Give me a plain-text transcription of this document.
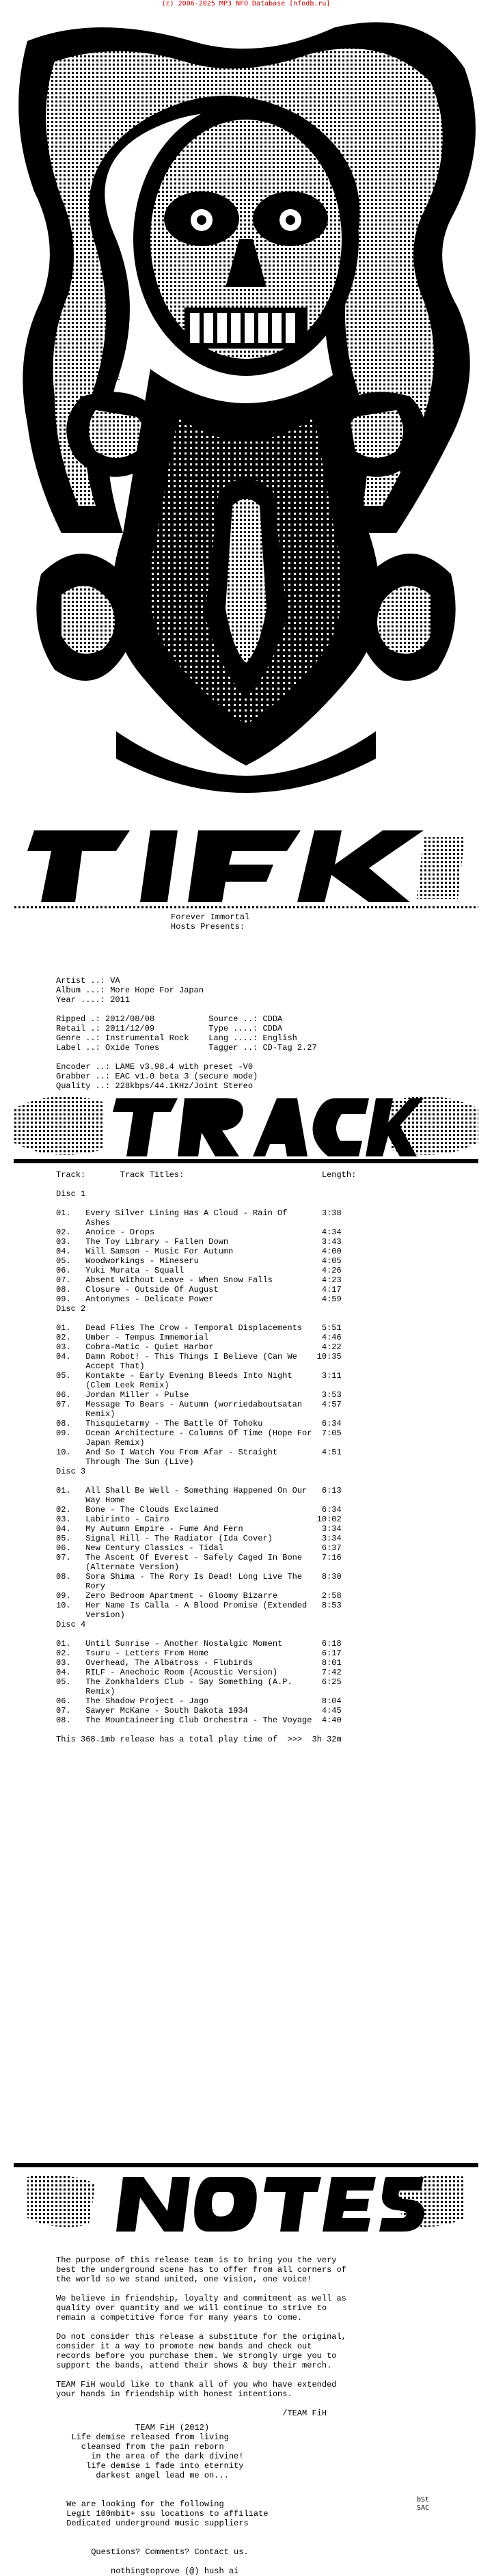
(c) 2006-2025 MP3 NFO Database [nfodb.ru]
bSt
Forever Immortal
Hosts Presents:
Artist ..: VA
Album ...: More Hope For Japan
Year ....: 2011

Ripped .: 2012/08/08           Source ..: CDDA
Retail .: 2011/12/09           Type ....: CDDA
Genre ..: Instrumental Rock    Lang ....: English
Label ..: Oxide Tones          Tagger ..: CD-Tag 2.27

Encoder ..: LAME v3.98.4 with preset -V0
Grabber ..: EAC v1.0 beta 3 (secure mode)
Quality ..: 228kbps/44.1KHz/Joint Stereo
Track:       Track Titles:                            Length:

Disc 1

01.   Every Silver Lining Has A Cloud - Rain Of       3:38
Ashes
02.   Anoice - Drops                                  4:34
03.   The Toy Library - Fallen Down                   3:43
04.   Will Samson - Music For Autumn                  4:00
05.   Woodworkings - Mineseru                         4:05
06.   Yuki Murata - Squall                            4:26
07.   Absent Without Leave - When Snow Falls          4:23
08.   Closure - Outside Of August                     4:17
09.   Antonymes - Delicate Power                      4:59
Disc 2

01.   Dead Flies The Crow - Temporal Displacements    5:51
02.   Umber - Tempus Immemorial                       4:46
03.   Cobra-Matic - Quiet Harbor                      4:22
04.   Damn Robot! - This Things I Believe (Can We    10:35
Accept That)
05.   Kontakte - Early Evening Bleeds Into Night      3:11
(Clem Leek Remix)
06.   Jordan Miller - Pulse                           3:53
07.   Message To Bears - Autumn (worriedaboutsatan    4:57
Remix)
08.   Thisquietarmy - The Battle Of Tohoku            6:34
09.   Ocean Architecture - Columns Of Time (Hope For  7:05
Japan Remix)
10.   And So I Watch You From Afar - Straight         4:51
Through The Sun (Live)
Disc 3

01.   All Shall Be Well - Something Happened On Our   6:13
Way Home
02.   Bone - The Clouds Exclaimed                     6:34
03.   Labirinto - Cairo                              10:02
04.   My Autumn Empire - Fume And Fern                3:34
05.   Signal Hill - The Radiator (Ida Cover)          3:34
06.   New Century Classics - Tidal                    6:37
07.   The Ascent Of Everest - Safely Caged In Bone    7:16
(Alternate Version)
08.   Sora Shima - The Rory Is Dead! Long Live The    8:30
Rory
09.   Zero Bedroom Apartment - Gloomy Bizarre         2:58
10.   Her Name Is Calla - A Blood Promise (Extended   8:53
Version)
Disc 4

01.   Until Sunrise - Another Nostalgic Moment        6:18
02.   Tsuru - Letters From Home                       6:17
03.   Overhead, The Albatross - Flubirds              8:01
04.   RILF - Anechoic Room (Acoustic Version)         7:42
05.   The Zonkhalders Club - Say Something (A.P.      6:25
Remix)
06.   The Shadow Project - Jago                       8:04
07.   Sawyer McKane - South Dakota 1934               4:45
08.   The Mountaineering Club Orchestra - The Voyage  4:40

This 368.1mb release has a total play time of  >>>  3h 32m
The purpose of this release team is to bring you the very
best the underground scene has to offer from all corners of
the world so we stand united, one vision, one voice!

We believe in friendship, loyalty and commitment as well as
quality over quantity and we will continue to strive to
remain a competitive force for many years to come.

Do not consider this release a substitute for the original,
consider it a way to promote new bands and check out
records before you purchase them. We strongly urge you to
support the bands, attend their shows & buy their merch.

TEAM FiH would like to thank all of you who have extended
your hands in friendship with honest intentions.

/TEAM FiH
TEAM FiH (2012)
Life demise released from living
cleansed from the pain reborn
in the area of the dark divine!
life demise i fade into eternity
darkest angel lead me on...

We are looking for the following
Legit 100mbit+ ssu locations to affiliate
Dedicated underground music suppliers

Questions? Comments? Contact us.

nothingtoprove (@) hush ai
bSt
SAC
